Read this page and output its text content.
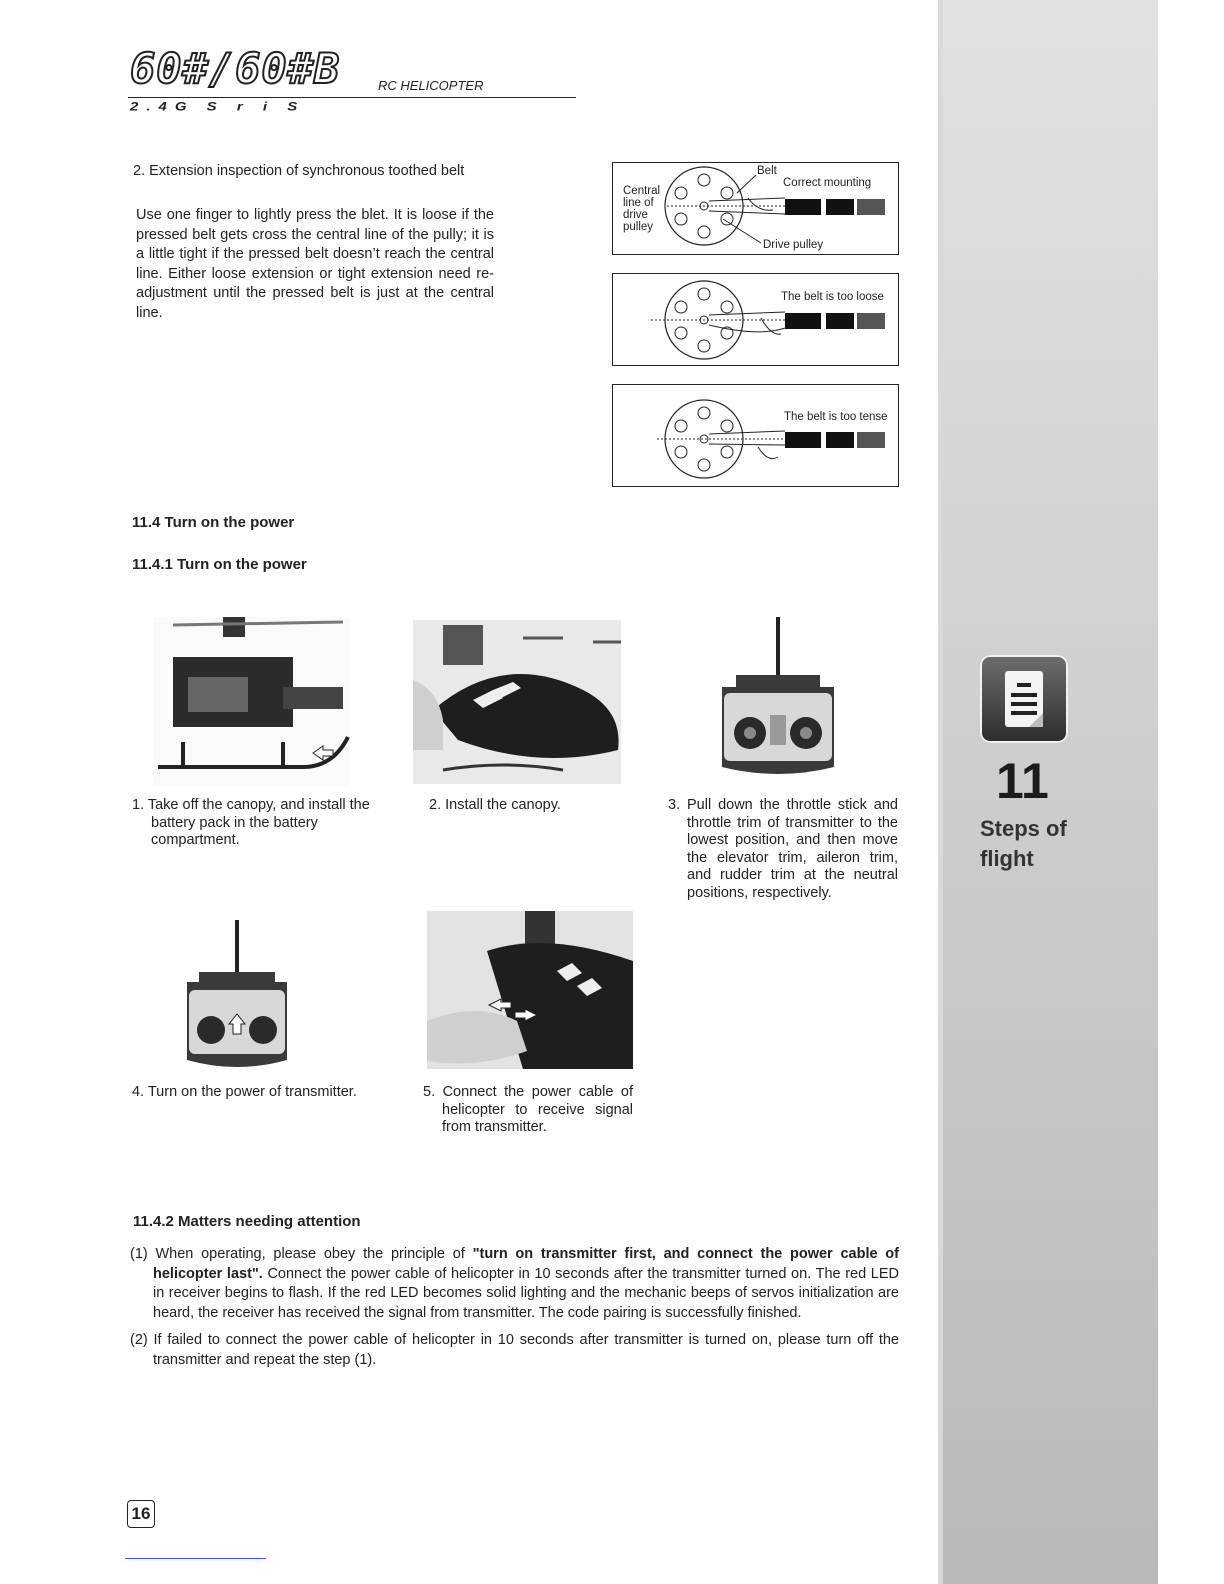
11
Steps of
flight
60#/60#B	RC HELICOPTER
2.4G S r i S
2. Extension inspection of synchronous toothed belt
Use one finger to lightly press the blet. It is loose if the pressed belt gets cross the central line of the pully; it is a little tight if the pressed belt doesn’t reach the central line. Either loose extension or tight extension need re-adjustment until the pressed belt is just at the central line.
Belt
Correct mounting
Central
line of
drive
pulley
Drive pulley
The belt is too loose
The belt is too tense
11.4 Turn on the power
11.4.1 Turn on the power
1. Take off the canopy, and install the battery pack in the battery compartment.
2. Install the canopy.	3. Pull down the throttle stick and throttle trim of transmitter to the lowest position, and then move the elevator trim, aileron trim, and rudder trim at the neutral positions, respectively.
4. Turn on the power of transmitter.	5. Connect the power cable of helicopter to receive signal from transmitter.
11.4.2 Matters needing attention
(1) When operating, please obey the principle of "turn on transmitter first, and connect the power cable of helicopter last". Connect the power cable of helicopter in 10 seconds after the transmitter turned on. The red LED in receiver begins to flash. If the red LED becomes solid lighting and the mechanic beeps of servos initialization are heard, the receiver has received the signal from transmitter. The code pairing is successfully finished.
(2) If failed to connect the power cable of helicopter in 10 seconds after transmitter is turned on, please turn off the transmitter and repeat the step (1).
16
